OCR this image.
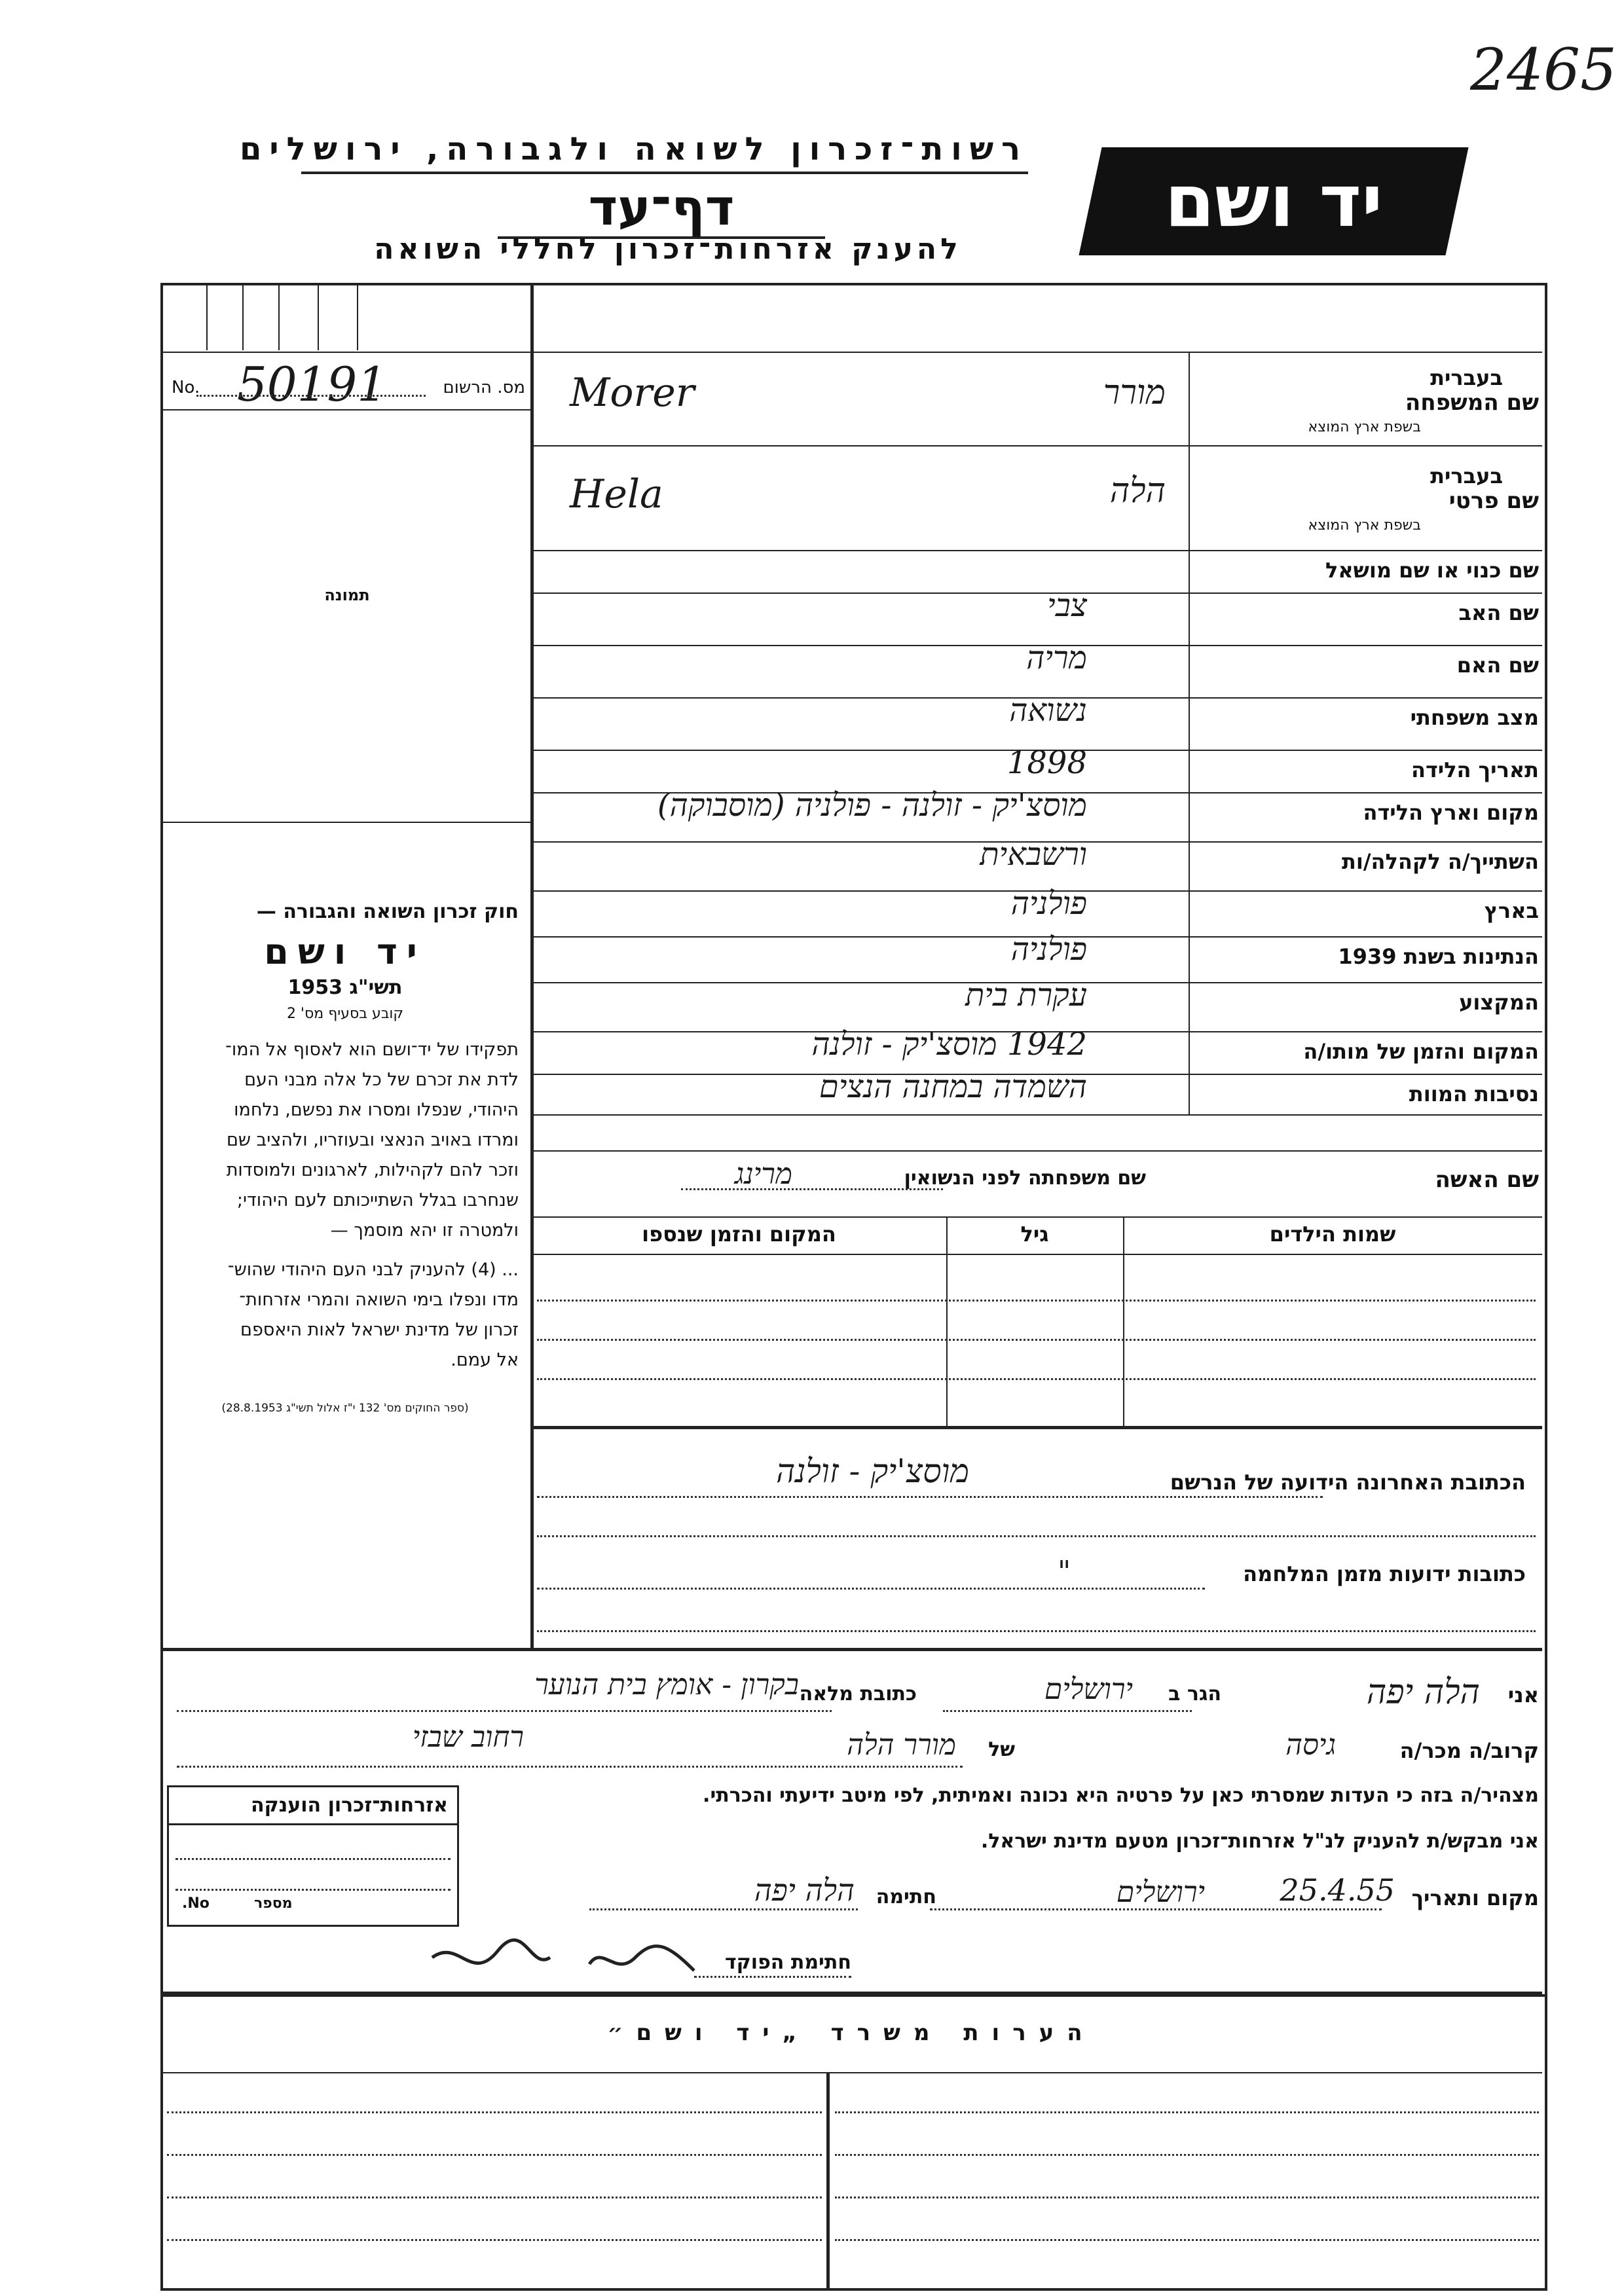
2465
רשות־זכרון לשואה ולגבורה, ירושלים
דף־עד
להענק אזרחות־זכרון לחללי השואה
יד ושם
No. 50191	מס. הרשום
תמונה
חוק זכרון השואה והגבורה —
יד ושם
תשי"ג 1953
קובע בסעיף מס' 2
תפקידו של יד־ושם הוא לאסוף אל המו־
לדת את זכרם של כל אלה מבני העם
היהודי, שנפלו ומסרו את נפשם, נלחמו
ומרדו באויב הנאצי ובעוזריו, ולהציב שם
וזכר להם לקהילות, לארגונים ולמוסדות
שנחרבו בגלל השתייכותם לעם היהודי;
ולמטרה זו יהא מוסמך —
... (4) להעניק לבני העם היהודי שהוש־
מדו ונפלו בימי השואה והמרי אזרחות־
זכרון של מדינת ישראל לאות היאספם
אל עמם.
(ספר החוקים מס' 132 י"ז אלול תשי"ג 28.8.1953)
בעברית
בשפת ארץ המוצא
שם המשפחה
Morer	מורר
בעברית
בשפת ארץ המוצא
שם פרטי
Hela	הלה
שם כנוי או שם מושאל
שם האב
צבי
שם האם
מריה
מצב משפחתי
נשואה
תאריך הלידה
1898
מקום וארץ הלידה
מוסצ'יק - זולנה - פולניה (מוסבוקה)
השתייך/ה לקהלה/ות
ורשבאית
בארץ
פולניה
הנתינות בשנת 1939
פולניה
המקצוע
עקרת בית
המקום והזמן של מותו/ה
1942 מוסצ'יק - זולנה
נסיבות המוות
השמדה במחנה הנצים
שם האשה
שם משפחתה לפני הנשואין
מרינג
שמות הילדים
גיל
המקום והזמן שנספו
הכתובת האחרונה הידועה של הנרשם
מוסצ'יק - זולנה
כתובות ידועות מזמן המלחמה
"
אני
הלה יפה
הגר ב
ירושלים
כתובת מלאה
בקרון - אומץ בית הנוער
רחוב שבזי	קרוב/ה מכר/ה
גיסה
של
מורר הלה
מצהיר/ה בזה כי העדות שמסרתי כאן על פרטיה היא נכונה ואמיתית, לפי מיטב ידיעתי והכרתי.
אני מבקש/ת להעניק לנ"ל אזרחות־זכרון מטעם מדינת ישראל.
מקום ותאריך
25.4.55
ירושלים
חתימה
הלה יפה
אזרחות־זכרון הוענקה
No.	מספר
חתימת הפוקד
הערות משרד „יד ושם״
